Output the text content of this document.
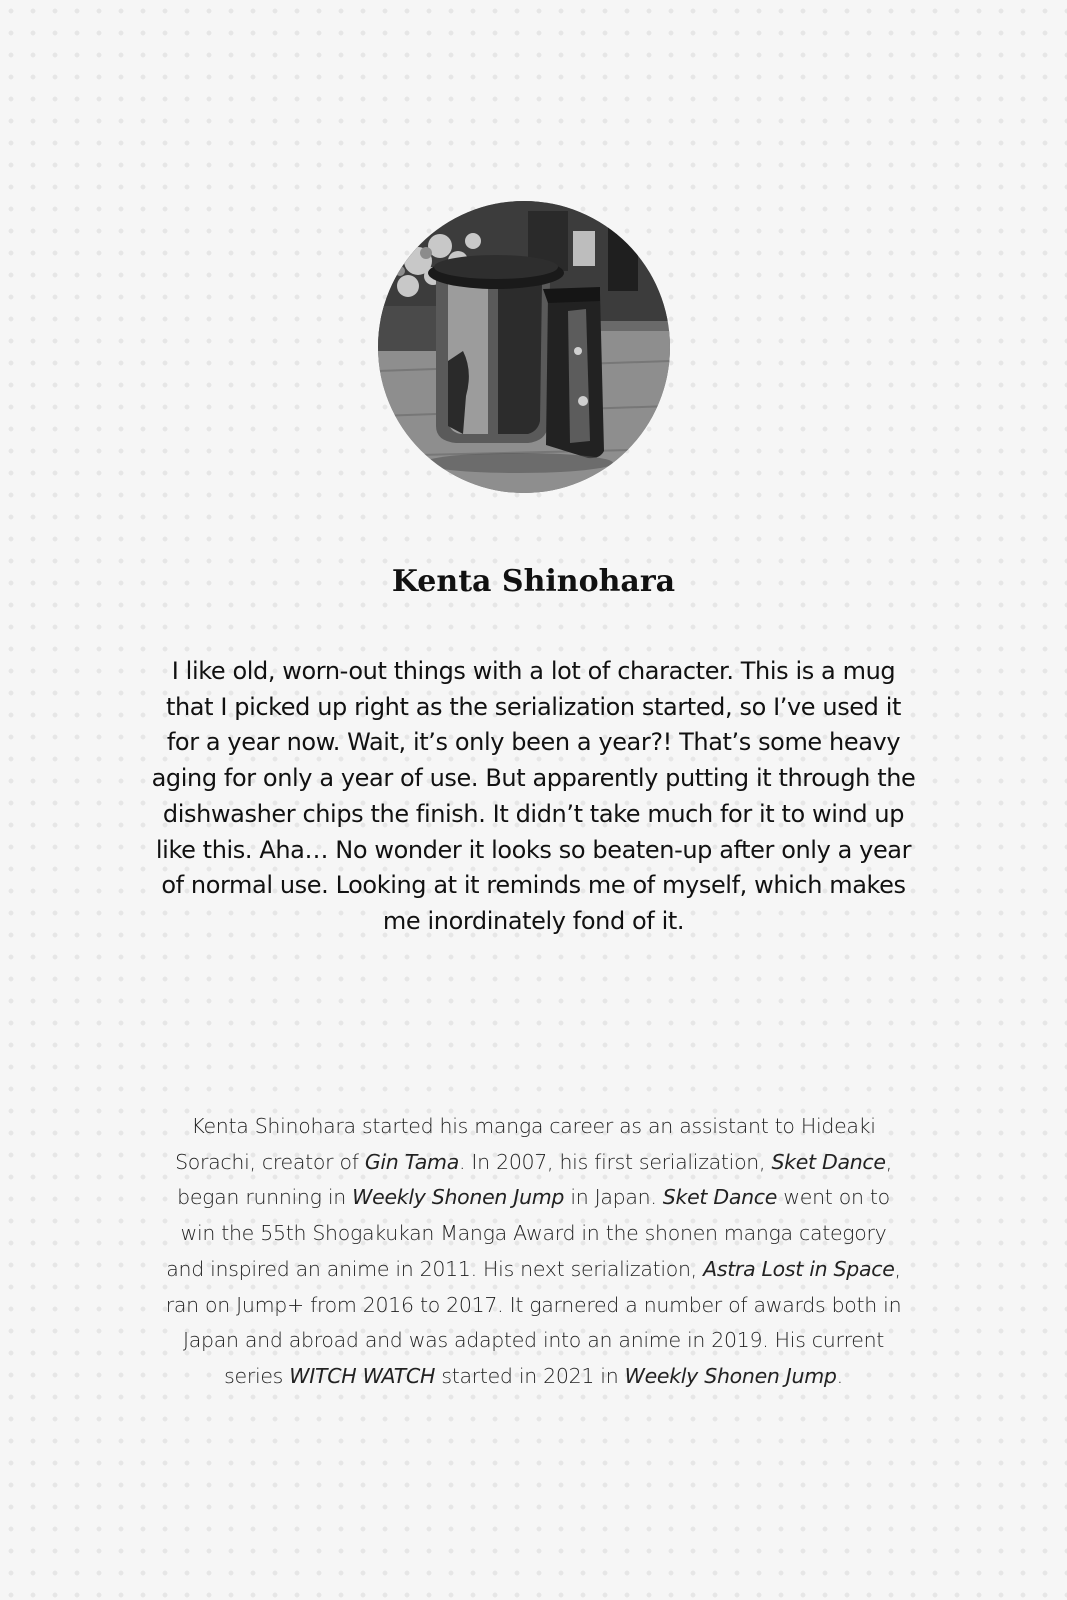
Kenta Shinohara

I like old, worn-out things with a lot of character. This is a mug that I picked up right as the serialization started, so I’ve used it for a year now. Wait, it’s only been a year?! That’s some heavy aging for only a year of use. But apparently putting it through the dishwasher chips the finish. It didn’t take much for it to wind up like this. Aha… No wonder it looks so beaten-up after only a year of normal use. Looking at it reminds me of myself, which makes me inordinately fond of it.

Kenta Shinohara started his manga career as an assistant to Hideaki Sorachi, creator of Gin Tama. In 2007, his first serialization, Sket Dance, began running in Weekly Shonen Jump in Japan. Sket Dance went on to win the 55th Shogakukan Manga Award in the shonen manga category and inspired an anime in 2011. His next serialization, Astra Lost in Space, ran on Jump+ from 2016 to 2017. It garnered a number of awards both in Japan and abroad and was adapted into an anime in 2019. His current series WITCH WATCH started in 2021 in Weekly Shonen Jump.
